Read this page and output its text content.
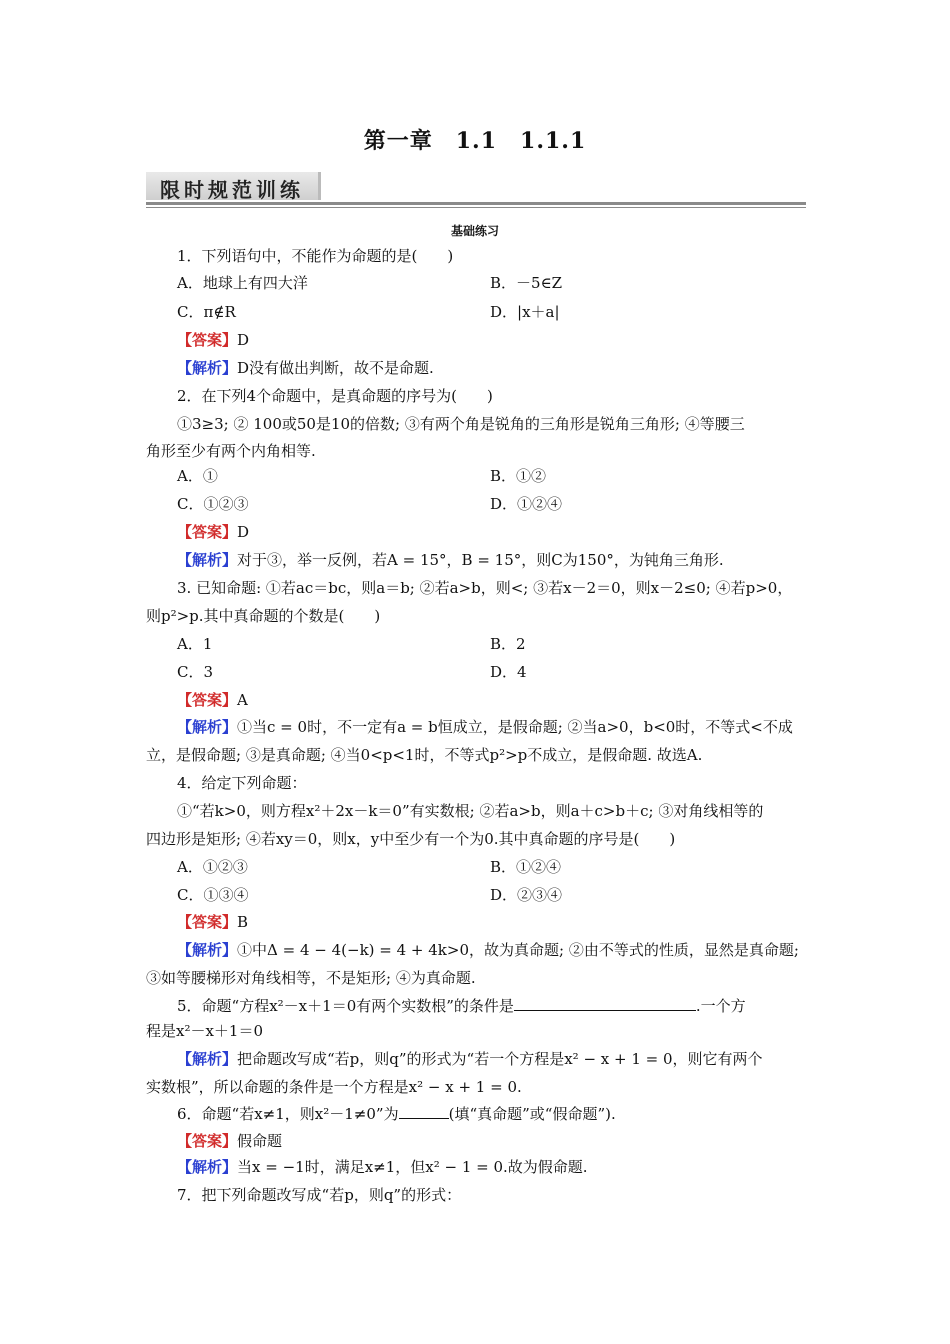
第一章　1.1　1.1.1
限时规范训练
基础练习
1．下列语句中，不能作为命题的是(　　)
A．地球上有四大洋	B．－5∈Z
C．π∉R	D．|x＋a|
【答案】D
【解析】D没有做出判断，故不是命题.
2．在下列4个命题中，是真命题的序号为(　　)
①3≥3; ② 100或50是10的倍数; ③有两个角是锐角的三角形是锐角三角形; ④等腰三
角形至少有两个内角相等.
A．①	B．①②
C．①②③	D．①②④
【答案】D
【解析】对于③，举一反例，若A = 15°，B = 15°，则C为150°，为钝角三角形.
3. 已知命题: ①若ac＝bc，则a＝b; ②若a>b，则<; ③若x－2＝0，则x－2≤0; ④若p>0，
则p²>p.其中真命题的个数是(　　)
A．1	B．2
C．3	D．4
【答案】A
【解析】①当c = 0时，不一定有a = b恒成立，是假命题; ②当a>0，b<0时，不等式<不成
立，是假命题; ③是真命题; ④当0<p<1时，不等式p²>p不成立，是假命题. 故选A.
4．给定下列命题：
①“若k>0，则方程x²＋2x－k＝0”有实数根; ②若a>b，则a＋c>b＋c; ③对角线相等的
四边形是矩形; ④若xy＝0，则x，y中至少有一个为0.其中真命题的序号是(　　)
A．①②③	B．①②④
C．①③④	D．②③④
【答案】B
【解析】①中Δ = 4 − 4(−k) = 4 + 4k>0，故为真命题; ②由不等式的性质，显然是真命题;
③如等腰梯形对角线相等，不是矩形; ④为真命题.
5．命题“方程x²－x＋1＝0有两个实数根”的条件是	.一个方
程是x²－x＋1＝0
【解析】把命题改写成“若p，则q”的形式为“若一个方程是x² − x + 1 = 0，则它有两个
实数根”，所以命题的条件是一个方程是x² − x + 1 = 0.
6．命题“若x≠1，则x²－1≠0”为	(填“真命题”或“假命题”).
【答案】假命题
【解析】当x = −1时，满足x≠1，但x² − 1 = 0.故为假命题.
7．把下列命题改写成“若p，则q”的形式：
